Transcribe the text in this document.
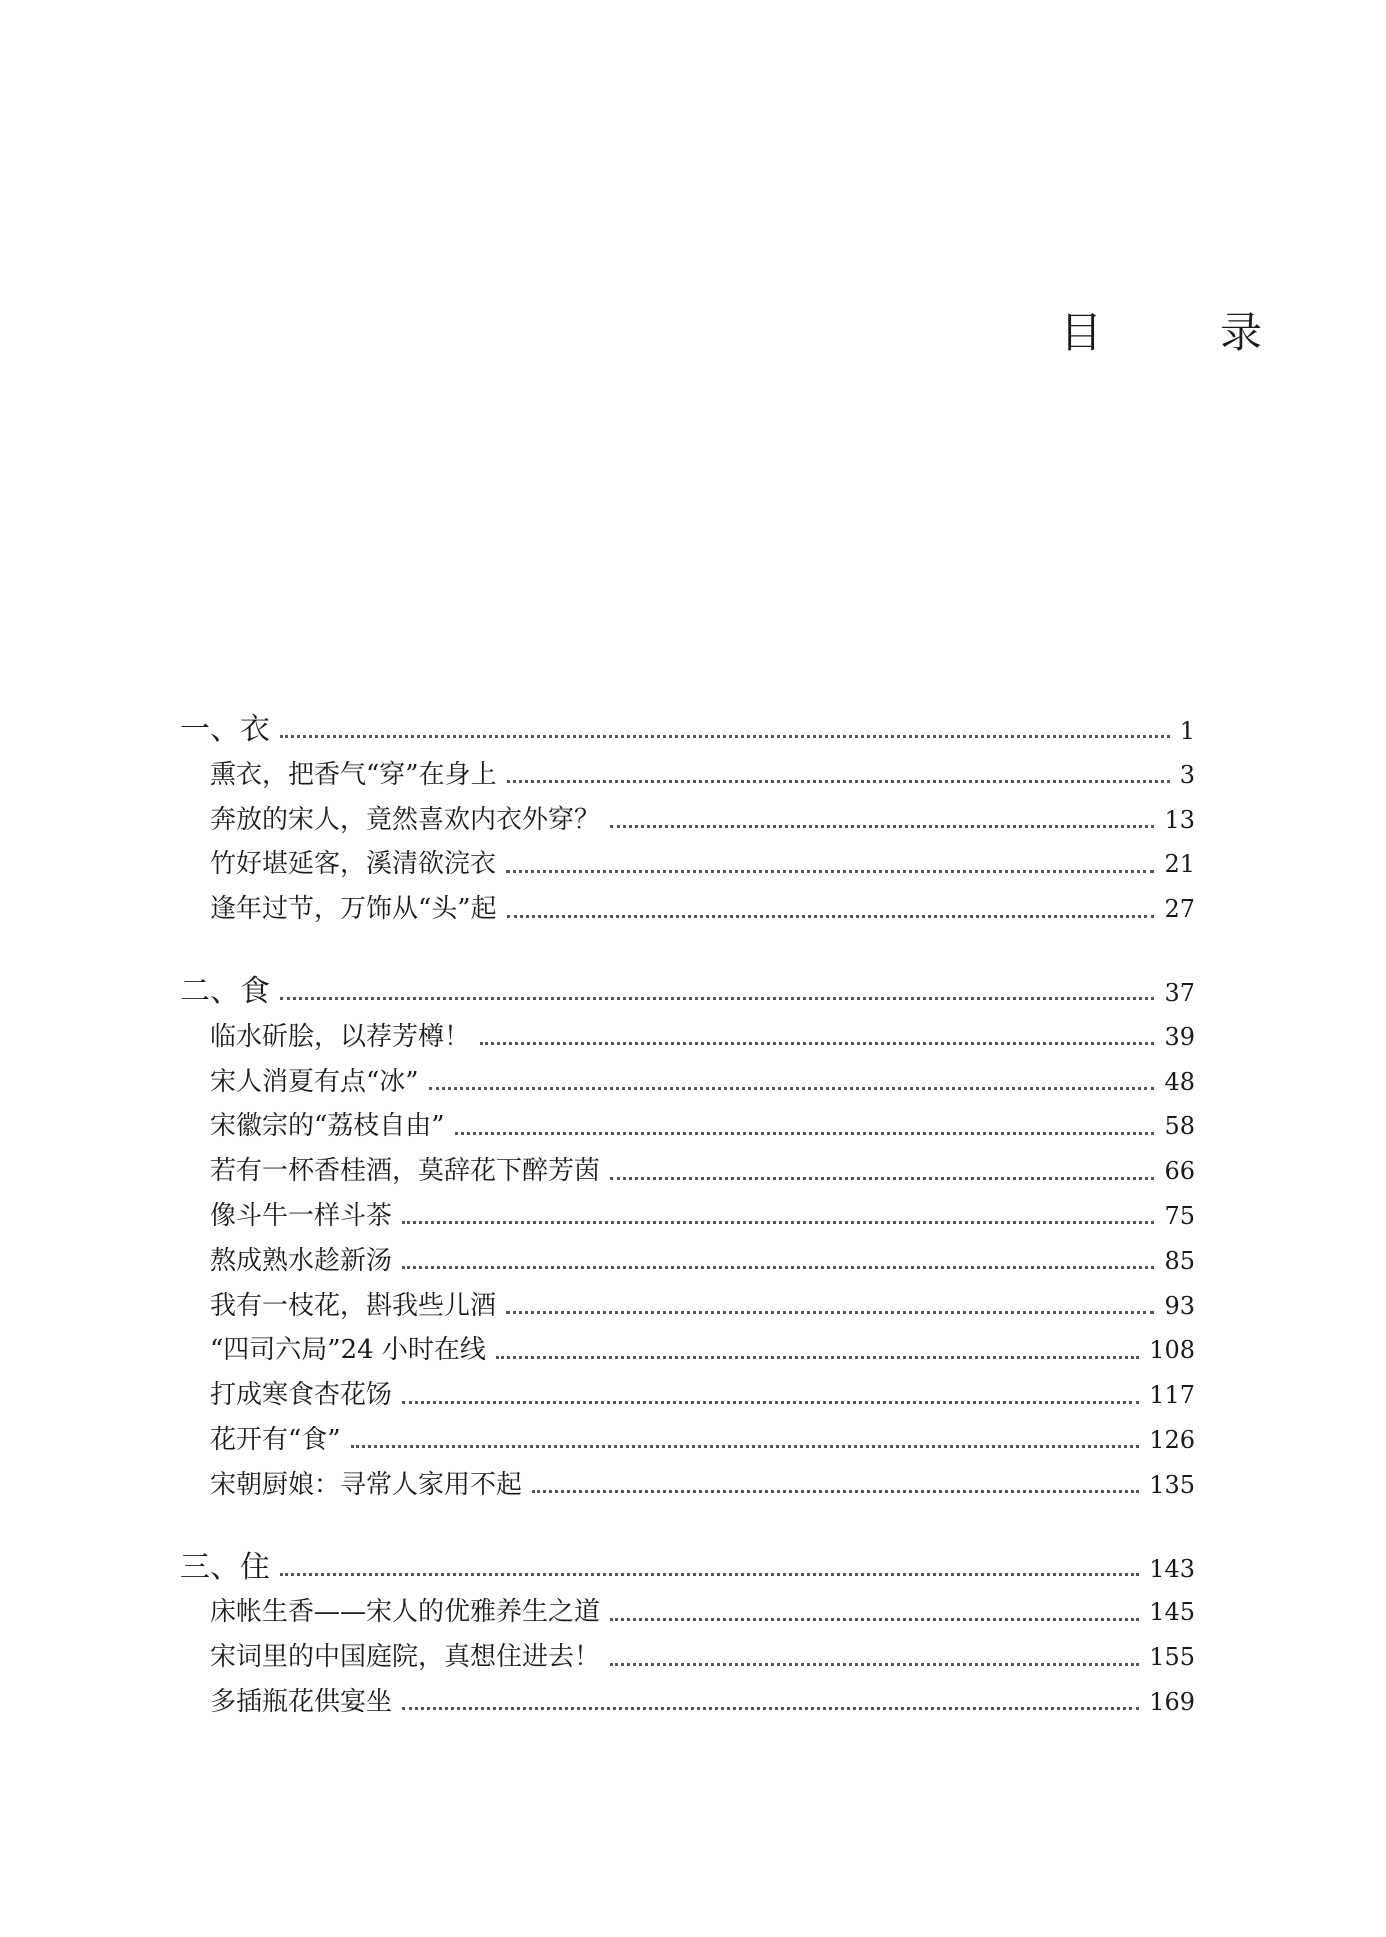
目　录
一、衣	1
熏衣，把香气“穿”在身上	3
奔放的宋人，竟然喜欢内衣外穿？	13
竹好堪延客，溪清欲浣衣	21
逢年过节，万饰从“头”起	27
二、食	37
临水斫脍，以荐芳樽！	39
宋人消夏有点“冰”	48
宋徽宗的“荔枝自由”	58
若有一杯香桂酒，莫辞花下醉芳茵	66
像斗牛一样斗茶	75
熬成熟水趁新汤	85
我有一枝花，斟我些儿酒	93
“四司六局”24 小时在线	108
打成寒食杏花饧	117
花开有“食”	126
宋朝厨娘：寻常人家用不起	135
三、住	143
床帐生香——宋人的优雅养生之道	145
宋词里的中国庭院，真想住进去！	155
多插瓶花供宴坐	169
